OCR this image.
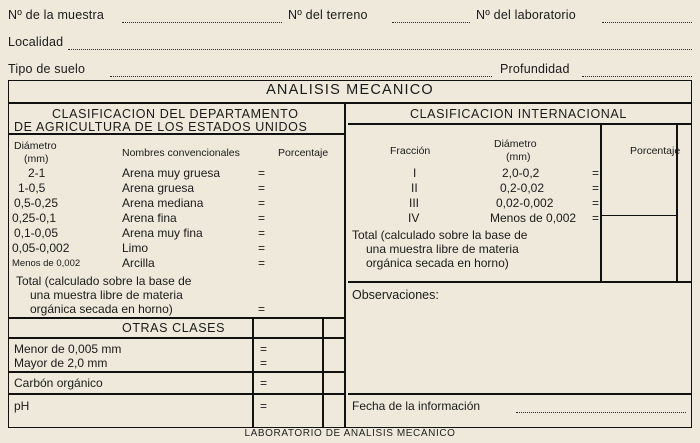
Nº de la muestra	Nº del terreno	Nº del laboratorio
Localidad
Tipo de suelo	Profundidad
ANALISIS MECANICO
CLASIFICACION DEL DEPARTAMENTO
DE AGRICULTURA DE LOS ESTADOS UNIDOS
Diámetro
(mm)	Nombres convencionales	Porcentaje
2-1	Arena muy gruesa	=
1-0,5	Arena gruesa	=
0,5-0,25	Arena mediana	=
0,25-0,1	Arena fina	=
0,1-0,05	Arena muy fina	=
0,05-0,002	Limo	=
Menos de 0,002	Arcilla	=
Total (calculado sobre la base de
una muestra libre de materia
orgánica secada en horno)	=
OTRAS CLASES
Menor de 0,005 mm	=
Mayor de 2,0 mm	=
Carbón orgánico	=
pH	=
CLASIFICACION INTERNACIONAL
Fracción
Diámetro
(mm)	Porcentaje
I	2,0-0,2	=
II	0,2-0,02	=
III	0,02-0,002	=
IV	Menos de 0,002 =
Total (calculado sobre la base de
una muestra libre de materia
orgánica secada en horno)
Observaciones:

Fecha de la información
LABORATORIO DE ANÁLISIS MECÁNICO
